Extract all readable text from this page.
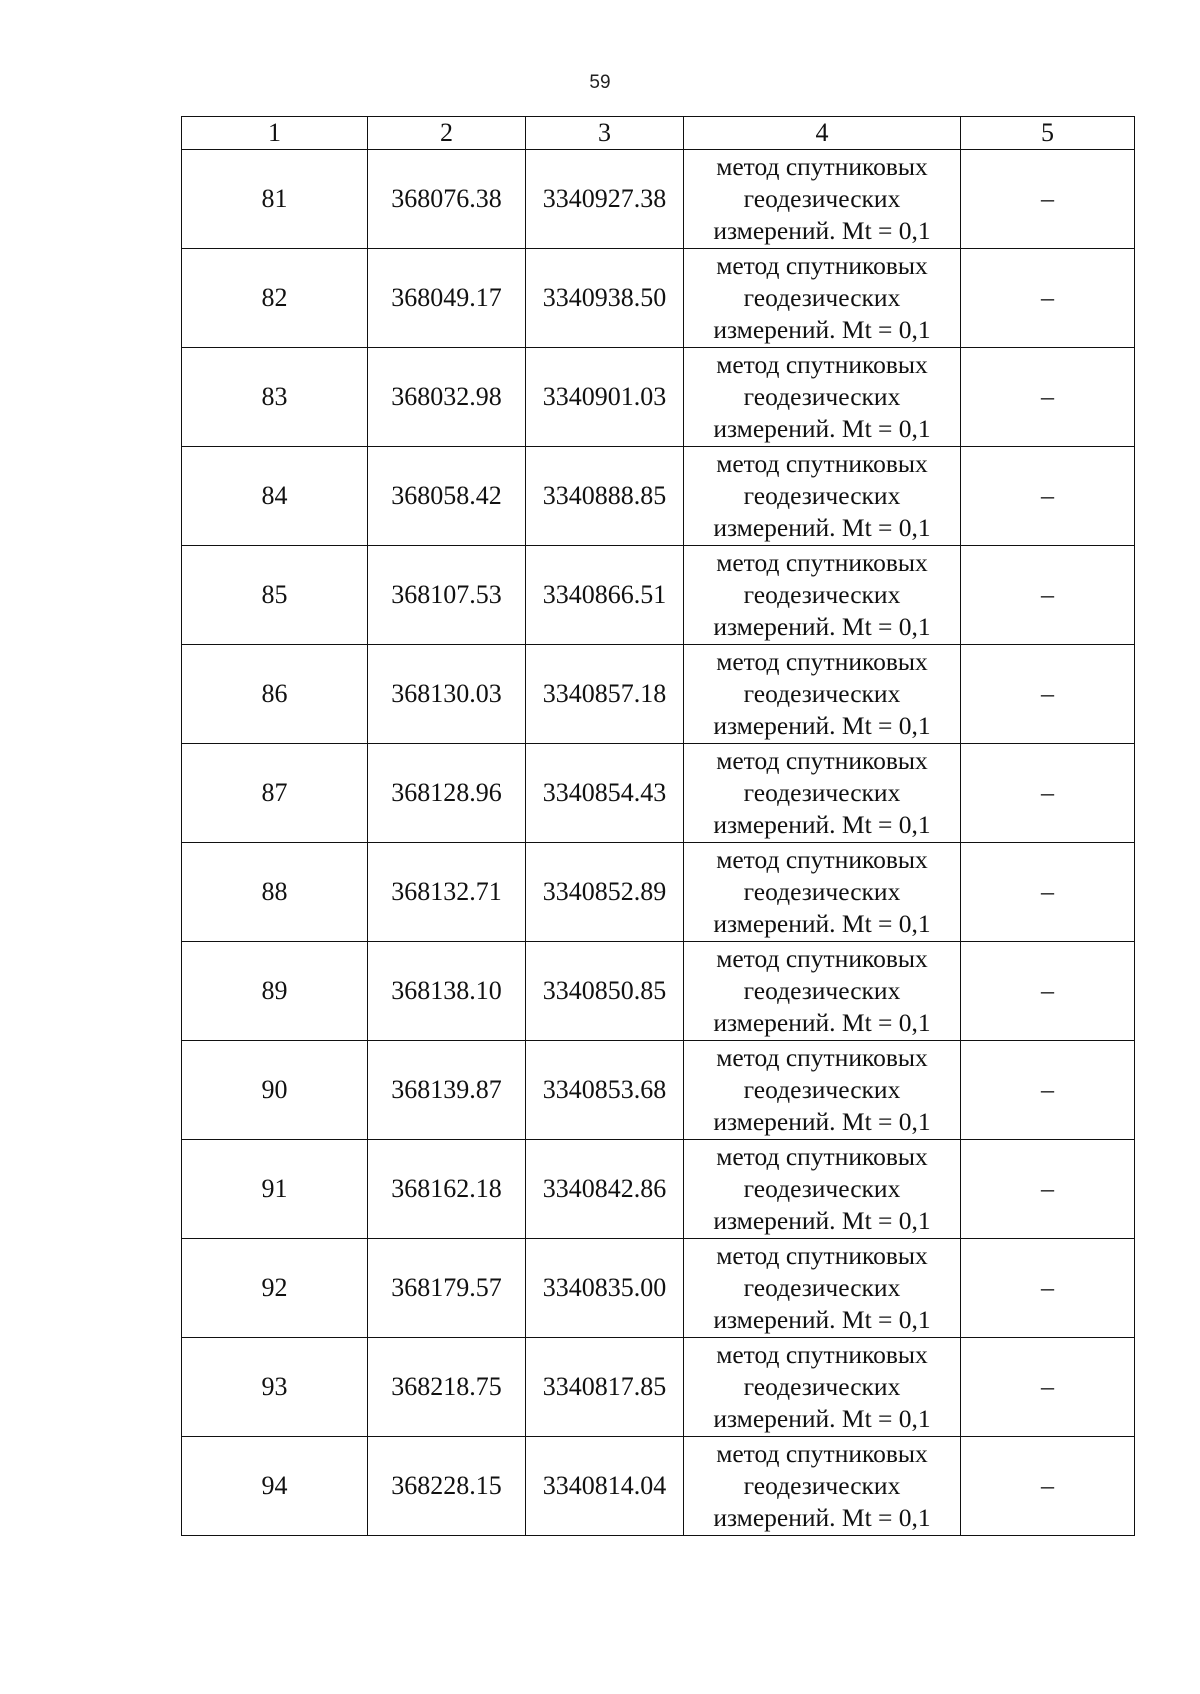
59
1	2	3	4	5
81	368076.38	3340927.38	метод спутниковых
геодезических
измерений. Mt = 0,1	–
82	368049.17	3340938.50	метод спутниковых
геодезических
измерений. Mt = 0,1	–
83	368032.98	3340901.03	метод спутниковых
геодезических
измерений. Mt = 0,1	–
84	368058.42	3340888.85	метод спутниковых
геодезических
измерений. Mt = 0,1	–
85	368107.53	3340866.51	метод спутниковых
геодезических
измерений. Mt = 0,1	–
86	368130.03	3340857.18	метод спутниковых
геодезических
измерений. Mt = 0,1	–
87	368128.96	3340854.43	метод спутниковых
геодезических
измерений. Mt = 0,1	–
88	368132.71	3340852.89	метод спутниковых
геодезических
измерений. Mt = 0,1	–
89	368138.10	3340850.85	метод спутниковых
геодезических
измерений. Mt = 0,1	–
90	368139.87	3340853.68	метод спутниковых
геодезических
измерений. Mt = 0,1	–
91	368162.18	3340842.86	метод спутниковых
геодезических
измерений. Mt = 0,1	–
92	368179.57	3340835.00	метод спутниковых
геодезических
измерений. Mt = 0,1	–
93	368218.75	3340817.85	метод спутниковых
геодезических
измерений. Mt = 0,1	–
94	368228.15	3340814.04	метод спутниковых
геодезических
измерений. Mt = 0,1	–
